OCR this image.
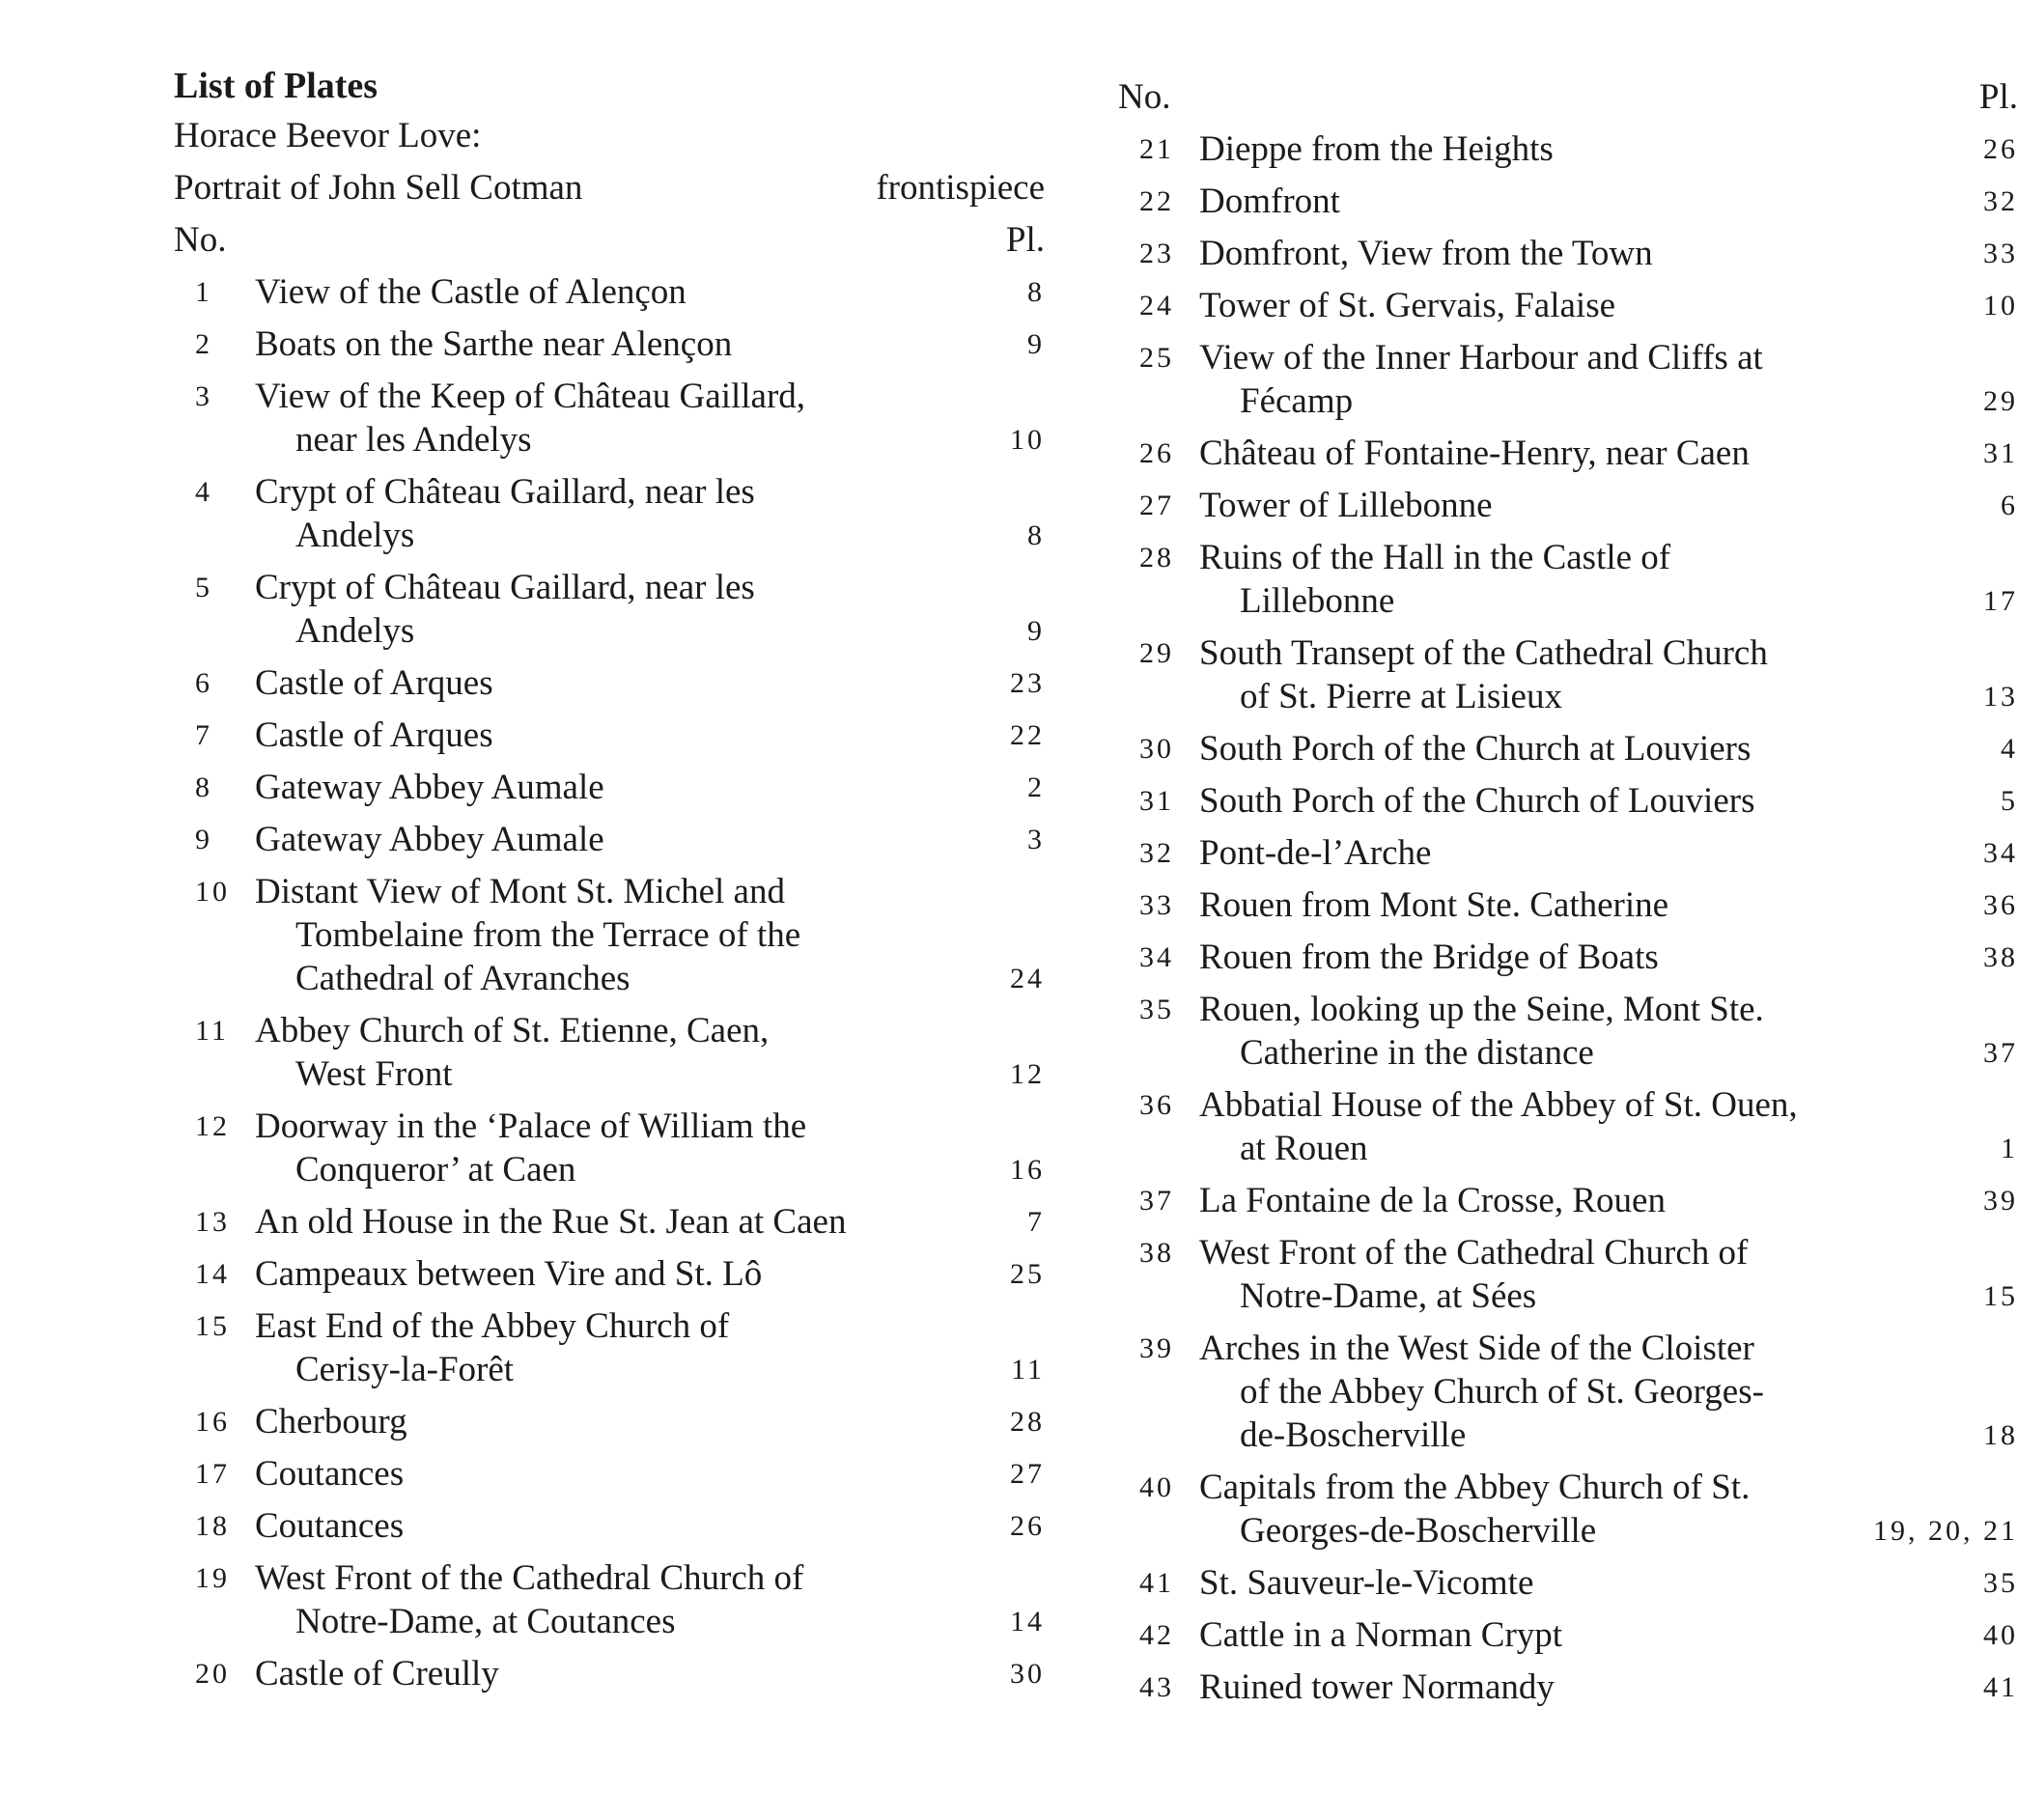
List of Plates
Horace Beevor Love:
Portrait of John Sell Cotman	frontispiece
No.	Pl.
1	View of the Castle of Alençon	8
2	Boats on the Sarthe near Alençon	9
3	View of the Keep of Château Gaillard,
near les Andelys	10
4	Crypt of Château Gaillard, near les
Andelys	8
5	Crypt of Château Gaillard, near les
Andelys	9
6	Castle of Arques	23
7	Castle of Arques	22
8	Gateway Abbey Aumale	2
9	Gateway Abbey Aumale	3
10 Distant View of Mont St. Michel and
Tombelaine from the Terrace of the
Cathedral of Avranches	24
11 Abbey Church of St. Etienne, Caen,
West Front	12
12 Doorway in the ‘Palace of William the
Conqueror’ at Caen	16
13 An old House in the Rue St. Jean at Caen	7
14 Campeaux between Vire and St. Lô	25
15 East End of the Abbey Church of
Cerisy-la-Forêt	11
16 Cherbourg	28
17 Coutances	27
18 Coutances	26
19 West Front of the Cathedral Church of
Notre-Dame, at Coutances	14
20 Castle of Creully	30
No.	Pl.
21 Dieppe from the Heights	26
22 Domfront	32
23 Domfront, View from the Town	33
24 Tower of St. Gervais, Falaise	10
25 View of the Inner Harbour and Cliffs at
Fécamp	29
26 Château of Fontaine-Henry, near Caen	31
27 Tower of Lillebonne	6
28 Ruins of the Hall in the Castle of
Lillebonne	17
29 South Transept of the Cathedral Church
of St. Pierre at Lisieux	13
30 South Porch of the Church at Louviers	4
31 South Porch of the Church of Louviers	5
32 Pont-de-l’Arche	34
33 Rouen from Mont Ste. Catherine	36
34 Rouen from the Bridge of Boats	38
35 Rouen, looking up the Seine, Mont Ste.
Catherine in the distance	37
36 Abbatial House of the Abbey of St. Ouen,
at Rouen	1
37 La Fontaine de la Crosse, Rouen	39
38 West Front of the Cathedral Church of
Notre-Dame, at Sées	15
39 Arches in the West Side of the Cloister
of the Abbey Church of St. Georges-
de-Boscherville	18
40 Capitals from the Abbey Church of St.
Georges-de-Boscherville	19, 20, 21
41 St. Sauveur-le-Vicomte	35
42 Cattle in a Norman Crypt	40
43 Ruined tower Normandy	41
